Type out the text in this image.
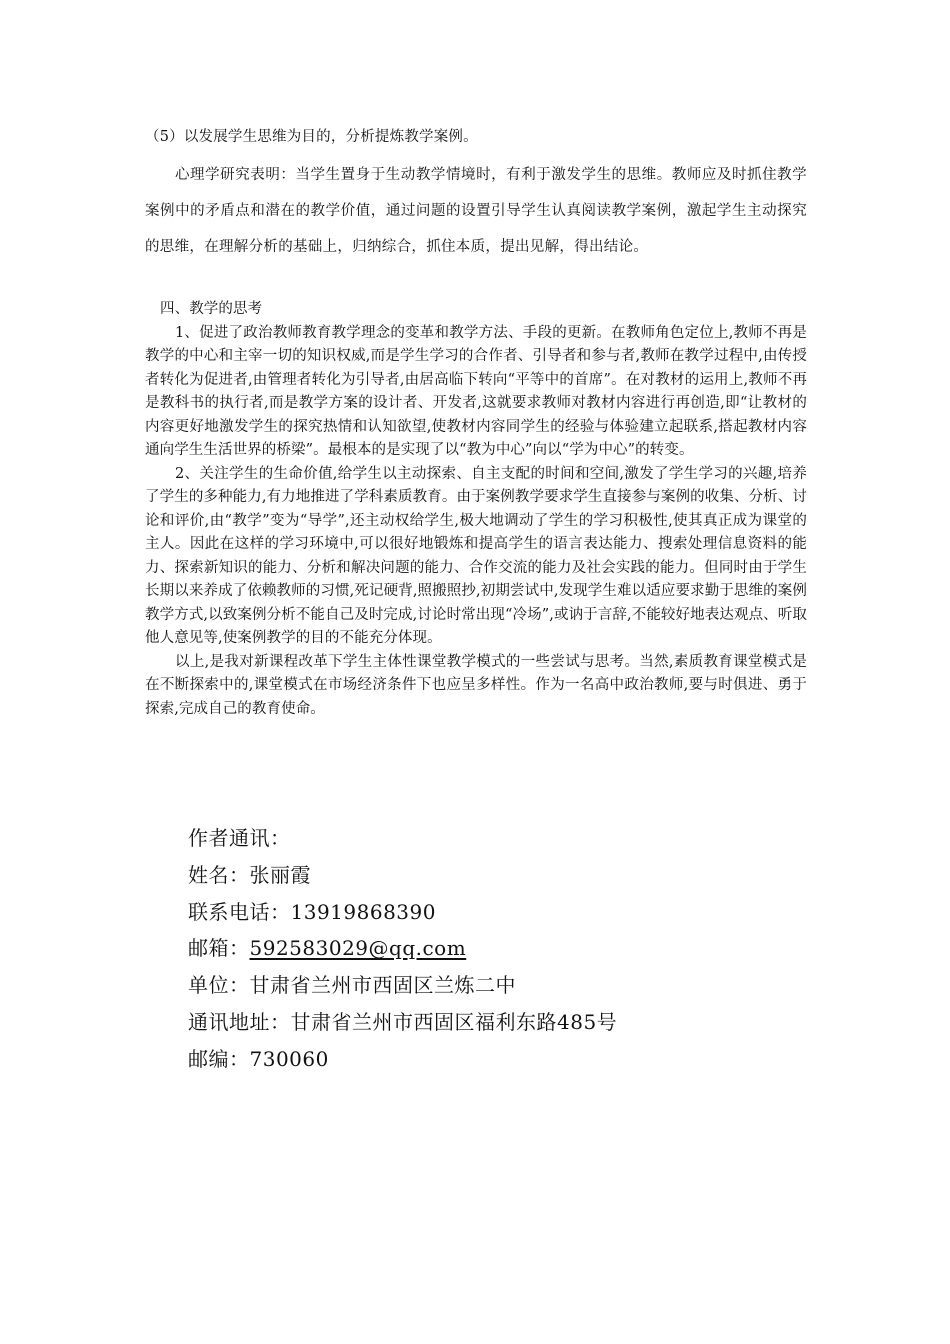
（5）以发展学生思维为目的，分析提炼教学案例。
心理学研究表明：当学生置身于生动教学情境时，有利于激发学生的思维。教师应及时抓住教学案例中的矛盾点和潜在的教学价值，通过问题的设置引导学生认真阅读教学案例，激起学生主动探究的思维，在理解分析的基础上，归纳综合，抓住本质，提出见解，得出结论。
四、教学的思考

1、促进了政治教师教育教学理念的变革和教学方法、手段的更新。在教师角色定位上,教师不再是教学的中心和主宰一切的知识权威,而是学生学习的合作者、引导者和参与者,教师在教学过程中,由传授者转化为促进者,由管理者转化为引导者,由居高临下转向“平等中的首席”。在对教材的运用上,教师不再是教科书的执行者,而是教学方案的设计者、开发者,这就要求教师对教材内容进行再创造,即“让教材的内容更好地激发学生的探究热情和认知欲望,使教材内容同学生的经验与体验建立起联系,搭起教材内容通向学生生活世界的桥梁”。最根本的是实现了以“教为中心”向以“学为中心”的转变。

2、关注学生的生命价值,给学生以主动探索、自主支配的时间和空间,激发了学生学习的兴趣,培养了学生的多种能力,有力地推进了学科素质教育。由于案例教学要求学生直接参与案例的收集、分析、讨论和评价,由“教学”变为“导学”,还主动权给学生,极大地调动了学生的学习积极性,使其真正成为课堂的主人。因此在这样的学习环境中,可以很好地锻炼和提高学生的语言表达能力、搜索处理信息资料的能力、探索新知识的能力、分析和解决问题的能力、合作交流的能力及社会实践的能力。但同时由于学生长期以来养成了依赖教师的习惯,死记硬背,照搬照抄,初期尝试中,发现学生难以适应要求勤于思维的案例教学方式,以致案例分析不能自己及时完成,讨论时常出现“冷场”,或讷于言辞,不能较好地表达观点、听取他人意见等,使案例教学的目的不能充分体现。

以上,是我对新课程改革下学生主体性课堂教学模式的一些尝试与思考。当然,素质教育课堂模式是在不断探索中的,课堂模式在市场经济条件下也应呈多样性。作为一名高中政治教师,要与时俱进、勇于探索,完成自己的教育使命。

作者通讯：
姓名：张丽霞
联系电话：13919868390
邮箱：592583029@qq.com
单位：甘肃省兰州市西固区兰炼二中
通讯地址：甘肃省兰州市西固区福利东路485号
邮编：730060
